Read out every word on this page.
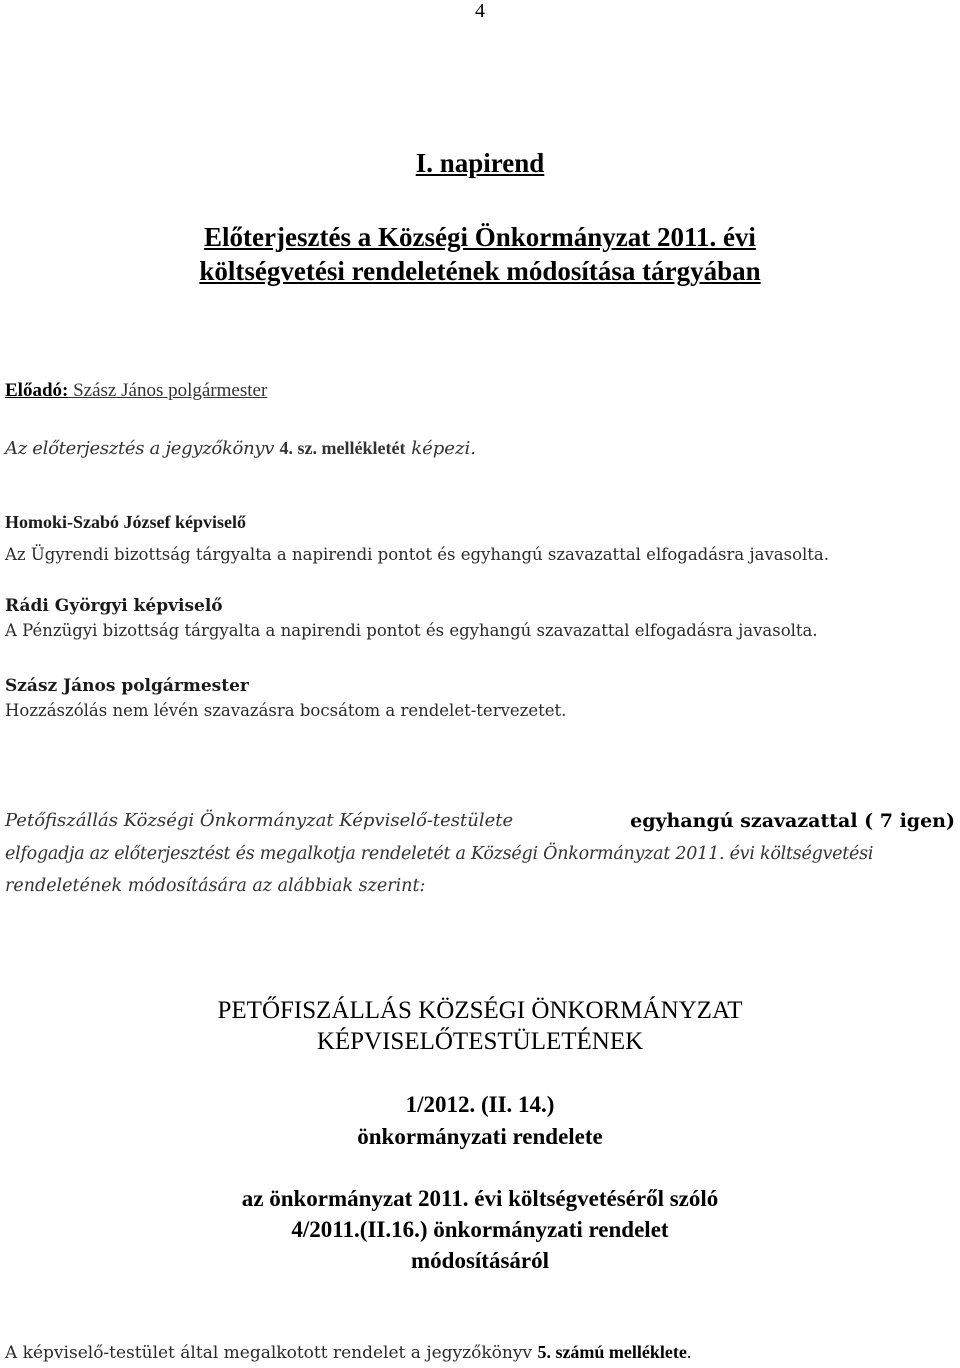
4
I. napirend
Előterjesztés a Községi Önkormányzat 2011. évi
költségvetési rendeletének módosítása tárgyában
Előadó: Szász János polgármester
Az előterjesztés a jegyzőkönyv 4. sz. mellékletét képezi.
Homoki-Szabó József képviselő
Az Ügyrendi bizottság tárgyalta a napirendi pontot és egyhangú szavazattal elfogadásra javasolta.
Rádi Györgyi képviselő
A Pénzügyi bizottság tárgyalta a napirendi pontot és egyhangú szavazattal elfogadásra javasolta.
Szász János polgármester
Hozzászólás nem lévén szavazásra bocsátom a rendelet-tervezetet.
Petőfiszállás Községi Önkormányzat Képviselő-testülete	egyhangú szavazattal ( 7 igen)
elfogadja az előterjesztést és megalkotja rendeletét a Községi Önkormányzat 2011. évi költségvetési
rendeletének módosítására az alábbiak szerint:
PETŐFISZÁLLÁS KÖZSÉGI ÖNKORMÁNYZAT
KÉPVISELŐTESTÜLETÉNEK
1/2012. (II. 14.)
önkormányzati rendelete
az önkormányzat 2011. évi költségvetéséről szóló
4/2011.(II.16.) önkormányzati rendelet
módosításáról
A képviselő-testület által megalkotott rendelet a jegyzőkönyv 5. számú melléklete.
